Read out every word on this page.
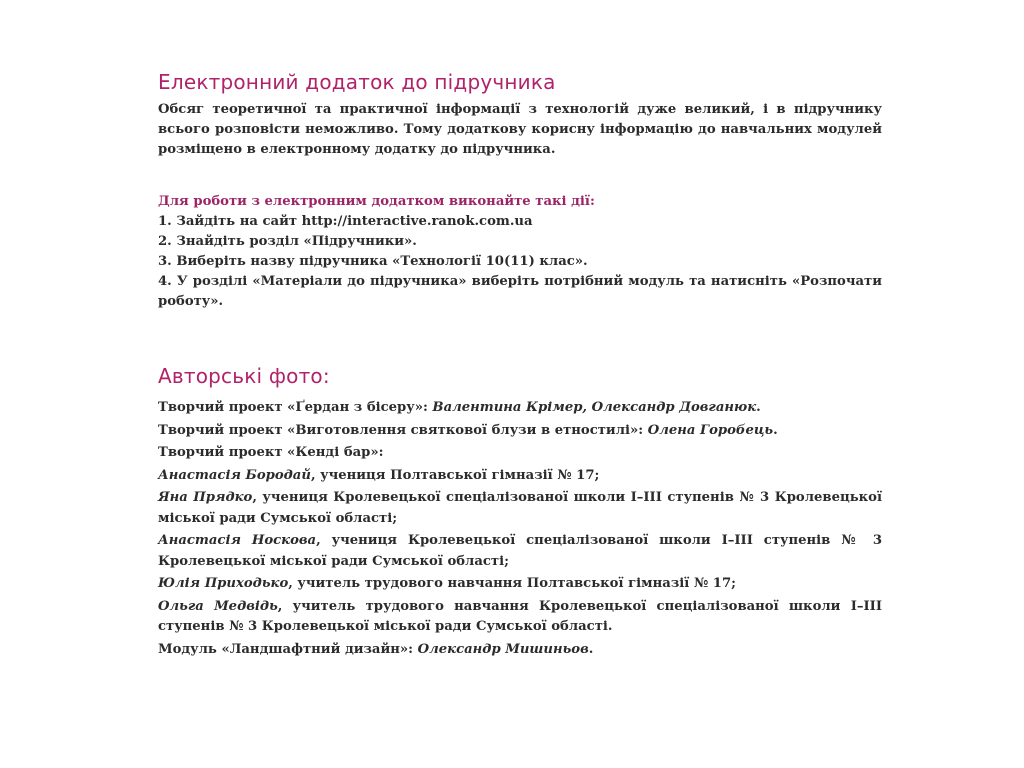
Електронний додаток до підручника

Обсяг теоретичної та практичної інформації з технологій дуже великий, і в підручнику всього розповісти неможливо. Тому додаткову корисну інформацію до навчальних модулей розміщено в електронному додатку до підручника.

Для роботи з електронним додатком виконайте такі дії:
1. Зайдіть на сайт http://interactive.ranok.com.ua
2. Знайдіть розділ «Підручники».
3. Виберіть назву підручника «Технології 10(11) клас».
4. У розділі «Матеріали до підручника» виберіть потрібний модуль та натисніть «Розпочати роботу».
Авторські фото:

Творчий проект «Ґердан з бісеру»: Валентина Крімер, Олександр Довганюк.

Творчий проект «Виготовлення святкової блузи в етностилі»: Олена Горобець.

Творчий проект «Кенді бар»:

Анастасія Бородай, учениця Полтавської гімназії № 17;

Яна Прядко, учениця Кролевецької спеціалізованої школи І–ІІІ ступенів № 3 Кролевецької міської ради Сумської області;

Анастасія Носкова, учениця Кролевецької спеціалізованої школи І–ІІІ ступенів № 3 Кролевецької міської ради Сумської області;

Юлія Приходько, учитель трудового навчання Полтавської гімназії № 17;

Ольга Медвідь, учитель трудового навчання Кролевецької спеціалізованої школи І–ІІІ ступенів № 3 Кролевецької міської ради Сумської області.

Модуль «Ландшафтний дизайн»: Олександр Мишиньов.
